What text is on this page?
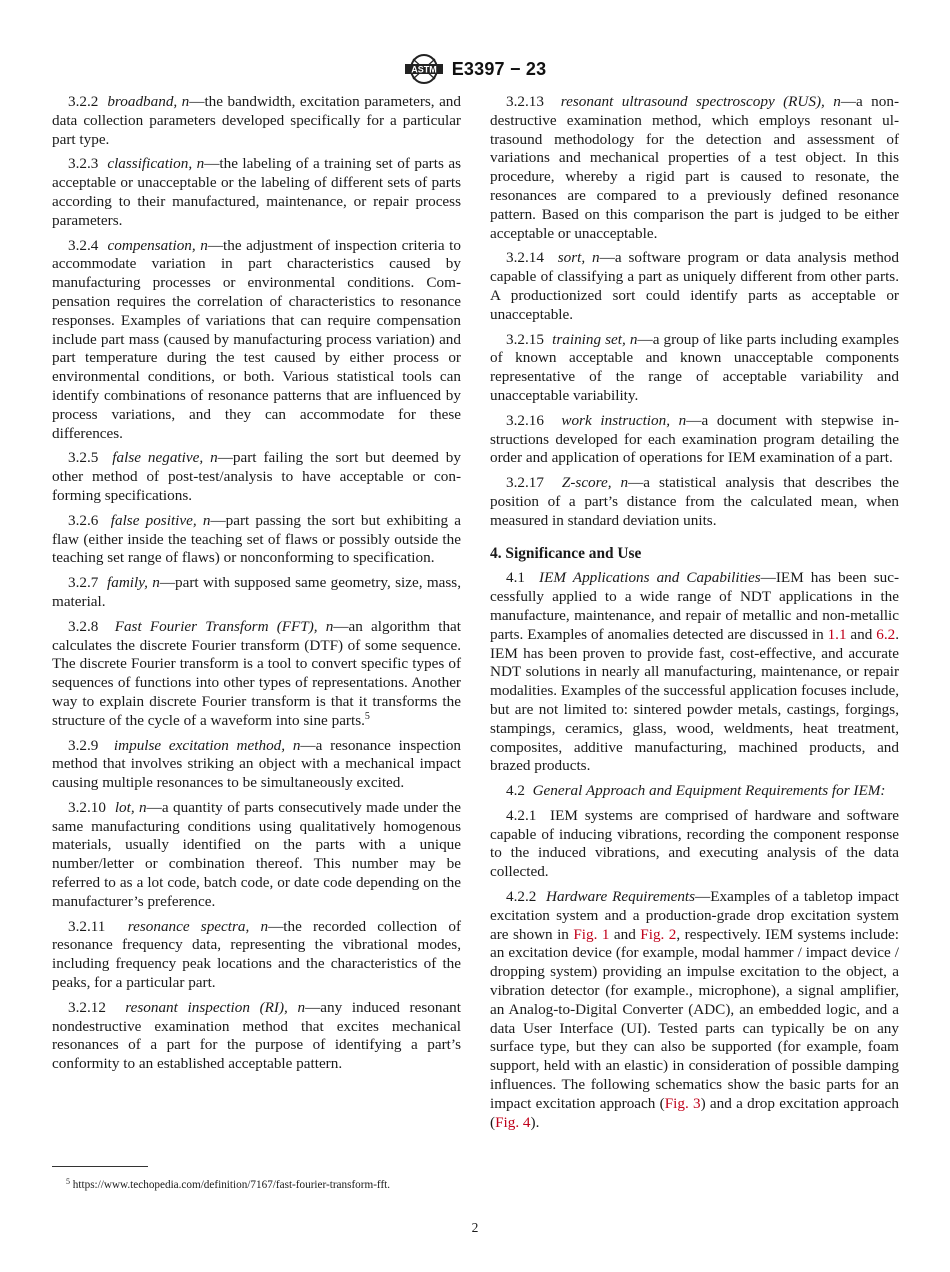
ASTM E3397 − 23

3.2.2 broadband, n—the bandwidth, excitation parameters, and data collection parameters developed specifically for a particular part type.

3.2.3 classification, n—the labeling of a training set of parts as acceptable or unacceptable or the labeling of different sets of parts according to their manufactured, maintenance, or repair process parameters.

3.2.4 compensation, n—the adjustment of inspection criteria to accommodate variation in part characteristics caused by manufacturing processes or environmental conditions. Compensation requires the correlation of characteristics to resonance responses. Examples of variations that can require compensation include part mass (caused by manufacturing process variation) and part temperature during the test caused by either process or environmental conditions, or both. Various statistical tools can identify combinations of resonance patterns that are influenced by process variations, and they can accommodate for these differences.

3.2.5 false negative, n—part failing the sort but deemed by other method of post-test/analysis to have acceptable or conforming specifications.

3.2.6 false positive, n—part passing the sort but exhibiting a flaw (either inside the teaching set of flaws or possibly outside the teaching set range of flaws) or nonconforming to specification.

3.2.7 family, n—part with supposed same geometry, size, mass, material.

3.2.8 Fast Fourier Transform (FFT), n—an algorithm that calculates the discrete Fourier transform (DTF) of some sequence. The discrete Fourier transform is a tool to convert specific types of sequences of functions into other types of representations. Another way to explain discrete Fourier transform is that it transforms the structure of the cycle of a waveform into sine parts.$^5$

3.2.9 impulse excitation method, n—a resonance inspection method that involves striking an object with a mechanical impact causing multiple resonances to be simultaneously excited.

3.2.10 lot, n—a quantity of parts consecutively made under the same manufacturing conditions using qualitatively homogenous materials, usually identified on the parts with a unique number/letter or combination thereof. This number may be referred to as a lot code, batch code, or date code depending on the manufacturer’s preference.

3.2.11 resonance spectra, n—the recorded collection of resonance frequency data, representing the vibrational modes, including frequency peak locations and the characteristics of the peaks, for a particular part.

3.2.12 resonant inspection (RI), n—any induced resonant nondestructive examination method that excites mechanical resonances of a part for the purpose of identifying a part’s conformity to an established acceptable pattern.

3.2.13 resonant ultrasound spectroscopy (RUS), n—a nondestructive examination method, which employs resonant ultrasound methodology for the detection and assessment of variations and mechanical properties of a test object. In this procedure, whereby a rigid part is caused to resonate, the resonances are compared to a previously defined resonance pattern. Based on this comparison the part is judged to be either acceptable or unacceptable.

3.2.14 sort, n—a software program or data analysis method capable of classifying a part as uniquely different from other parts. A productionized sort could identify parts as acceptable or unacceptable.

3.2.15 training set, n—a group of like parts including examples of known acceptable and known unacceptable components representative of the range of acceptable variability and unacceptable variability.

3.2.16 work instruction, n—a document with stepwise instructions developed for each examination program detailing the order and application of operations for IEM examination of a part.

3.2.17 Z-score, n—a statistical analysis that describes the position of a part’s distance from the calculated mean, when measured in standard deviation units.

4. Significance and Use

4.1 IEM Applications and Capabilities—IEM has been successfully applied to a wide range of NDT applications in the manufacture, maintenance, and repair of metallic and non-metallic parts. Examples of anomalies detected are discussed in 1.1 and 6.2. IEM has been proven to provide fast, cost-effective, and accurate NDT solutions in nearly all manufacturing, maintenance, or repair modalities. Examples of the successful application focuses include, but are not limited to: sintered powder metals, castings, forgings, stampings, ceramics, glass, wood, weldments, heat treatment, composites, additive manufacturing, machined products, and brazed products.

4.2 General Approach and Equipment Requirements for IEM:

4.2.1 IEM systems are comprised of hardware and software capable of inducing vibrations, recording the component response to the induced vibrations, and executing analysis of the data collected.

4.2.2 Hardware Requirements—Examples of a tabletop impact excitation system and a production-grade drop excitation system are shown in Fig. 1 and Fig. 2, respectively. IEM systems include: an excitation device (for example, modal hammer / impact device / dropping system) providing an impulse excitation to the object, a vibration detector (for example., microphone), a signal amplifier, an Analog-to-Digital Converter (ADC), an embedded logic, and a data User Interface (UI). Tested parts can typically be on any surface type, but they can also be supported (for example, foam support, held with an elastic) in consideration of possible damping influences. The following schematics show the basic parts for an impact excitation approach (Fig. 3) and a drop excitation approach (Fig. 4).

$^5$ https://www.techopedia.com/definition/7167/fast-fourier-transform-fft.
2
